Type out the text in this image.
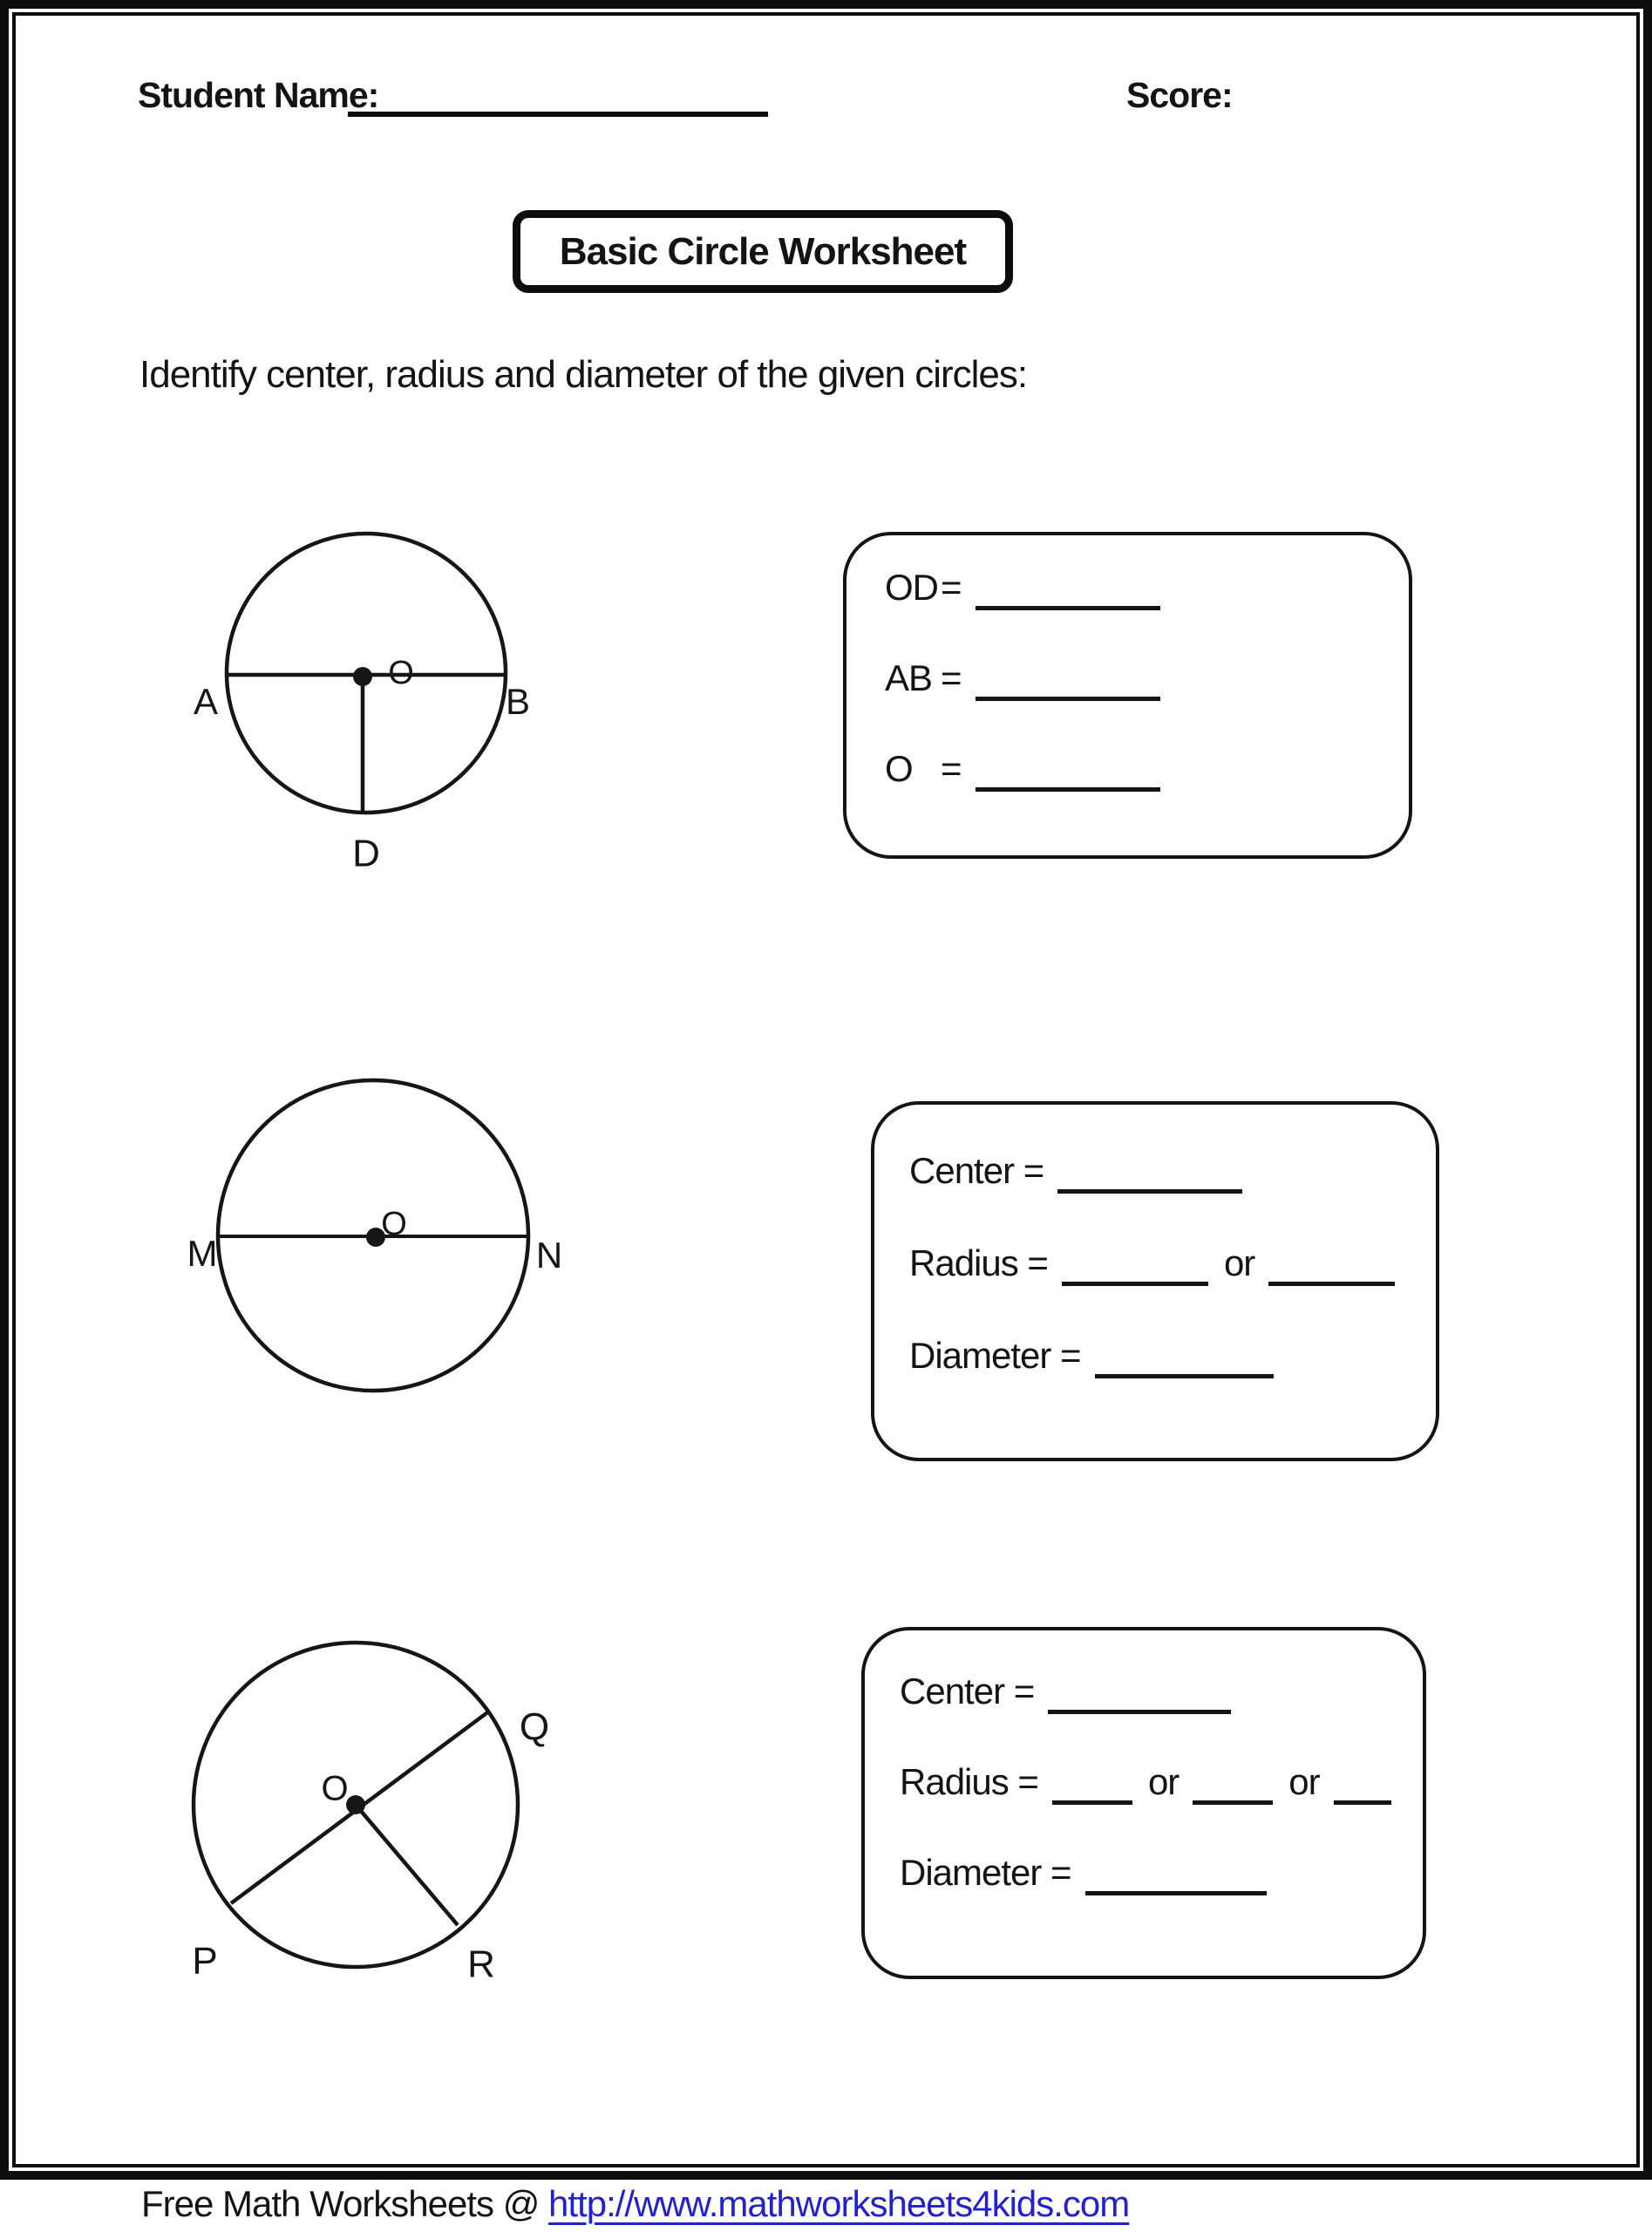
Student Name:	Score:
Basic Circle Worksheet
Identify center, radius and diameter of the given circles:
O
A	B
D
OD =
AB =
O =
O
M	N
Center =
Radius =	or
Diameter =
O
Q
P	R
Center =
Radius =	or	or
Diameter =
Free Math Worksheets @ http://www.mathworksheets4kids.com
